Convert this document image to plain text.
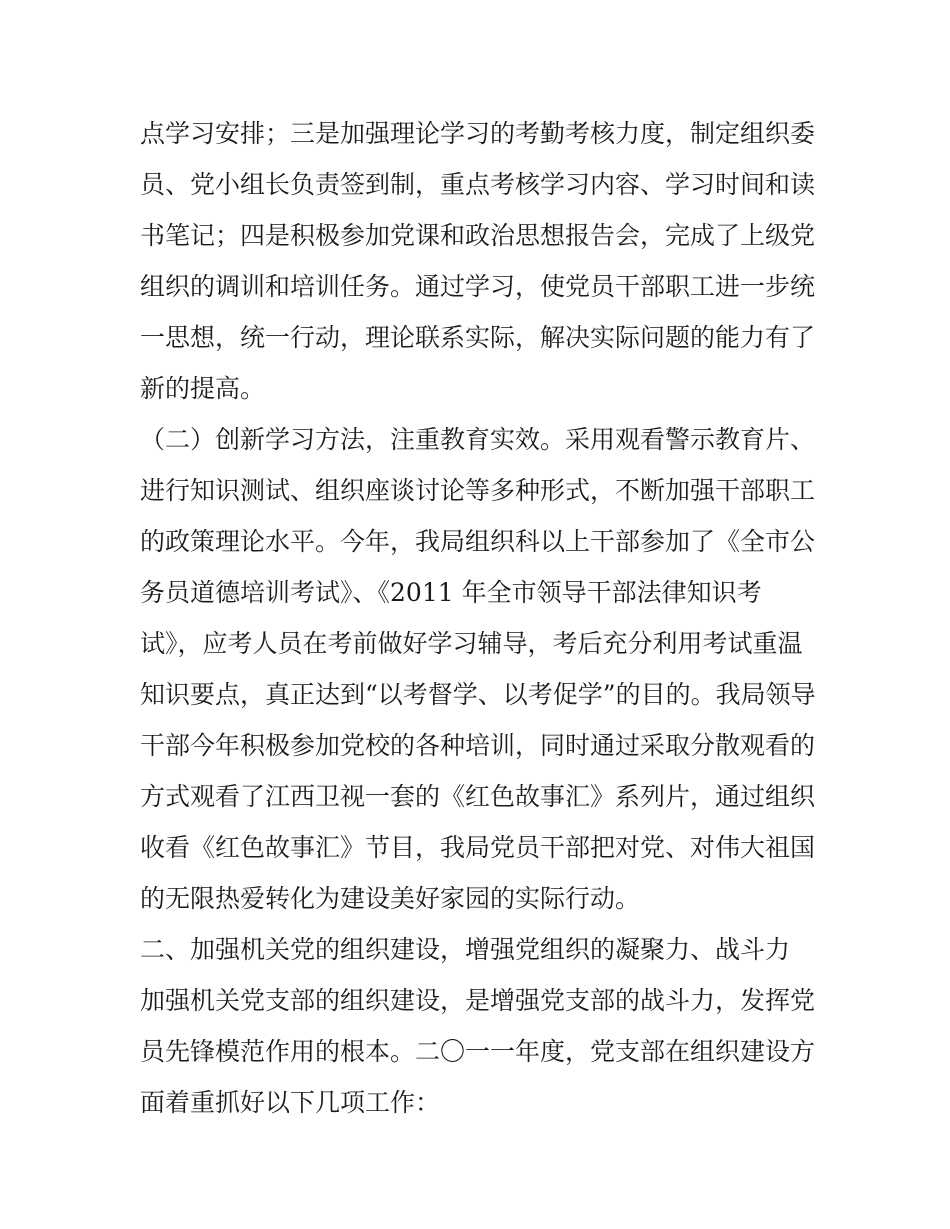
点学习安排；三是加强理论学习的考勤考核力度，制定组织委
员、党小组长负责签到制，重点考核学习内容、学习时间和读
书笔记；四是积极参加党课和政治思想报告会，完成了上级党
组织的调训和培训任务。通过学习，使党员干部职工进一步统
一思想，统一行动，理论联系实际，解决实际问题的能力有了
新的提高。
（二）创新学习方法，注重教育实效。采用观看警示教育片、
进行知识测试、组织座谈讨论等多种形式，不断加强干部职工
的政策理论水平。今年，我局组织科以上干部参加了《全市公
务员道德培训考试》、《2011 年全市领导干部法律知识考
试》，应考人员在考前做好学习辅导，考后充分利用考试重温
知识要点，真正达到“以考督学、以考促学”的目的。我局领导
干部今年积极参加党校的各种培训，同时通过采取分散观看的
方式观看了江西卫视一套的《红色故事汇》系列片，通过组织
收看《红色故事汇》节目，我局党员干部把对党、对伟大祖国
的无限热爱转化为建设美好家园的实际行动。
二、加强机关党的组织建设，增强党组织的凝聚力、战斗力
加强机关党支部的组织建设，是增强党支部的战斗力，发挥党
员先锋模范作用的根本。二〇一一年度，党支部在组织建设方
面着重抓好以下几项工作：
